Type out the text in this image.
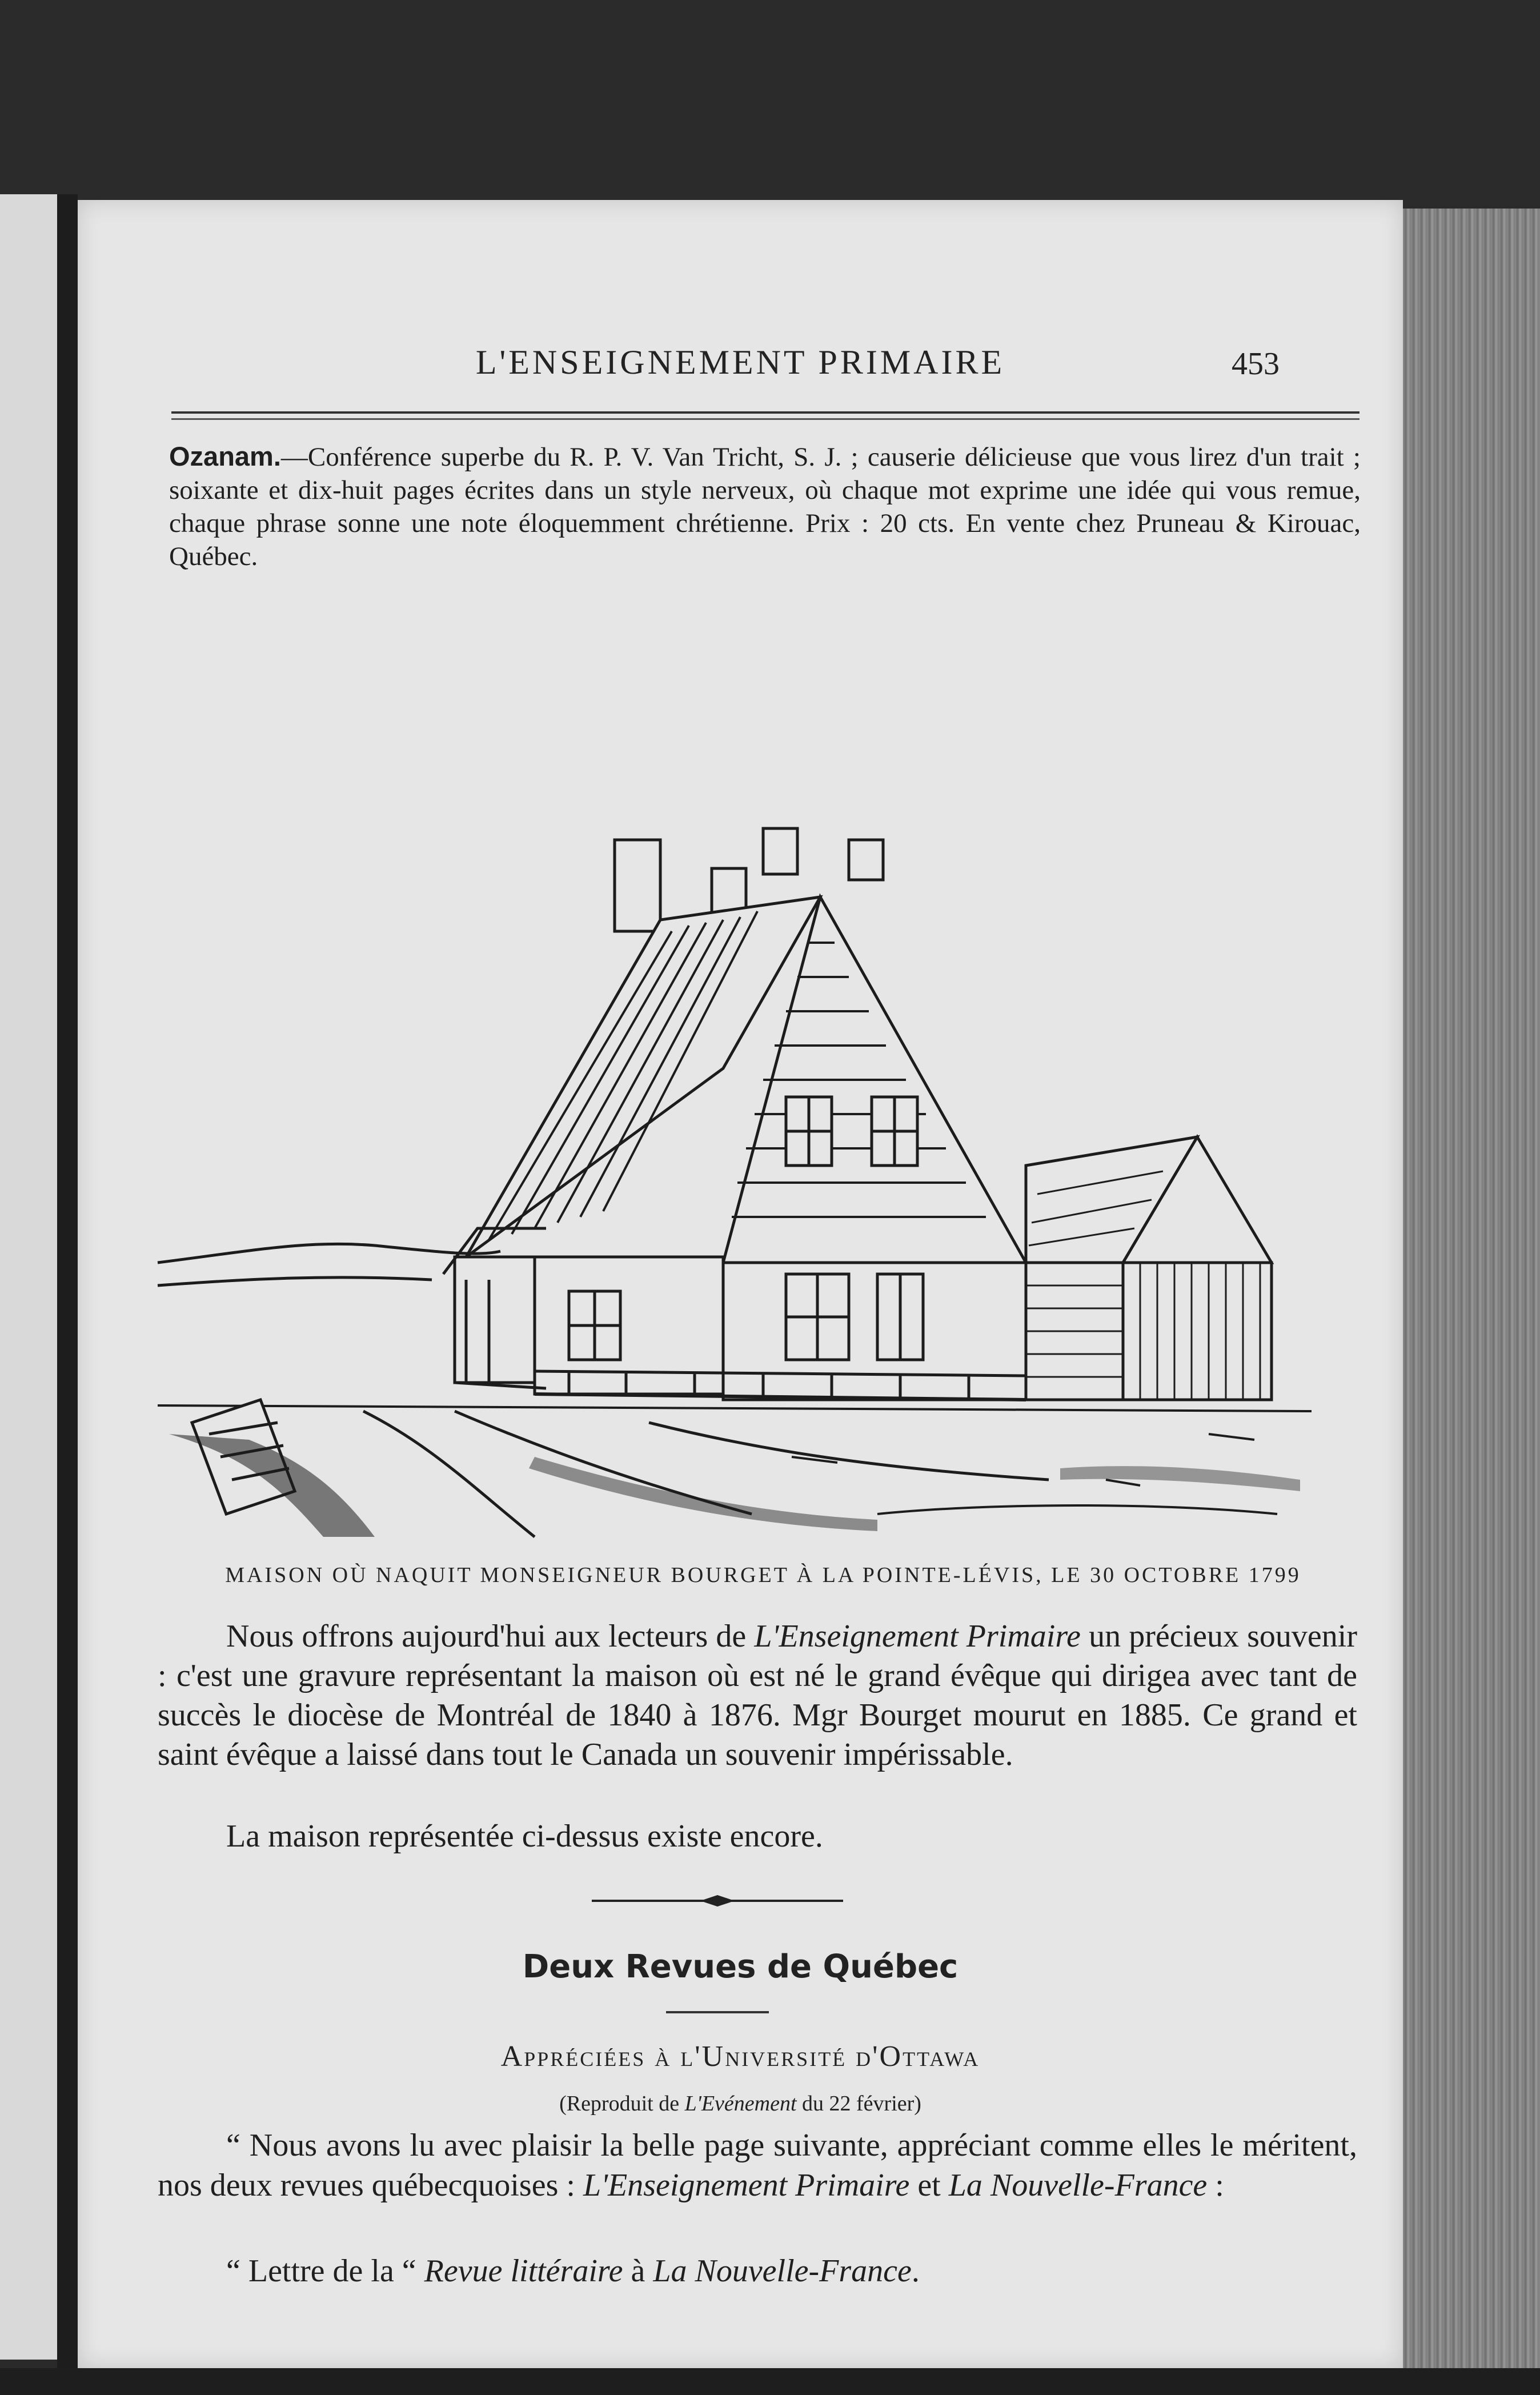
L'ENSEIGNEMENT PRIMAIRE	453
Ozanam.—Conférence superbe du R. P. V. Van Tricht, S. J. ; causerie délicieuse que vous lirez d'un trait ; soixante et dix-huit pages écrites dans un style nerveux, où chaque mot exprime une idée qui vous remue, chaque phrase sonne une note éloquemment chrétienne. Prix : 20 cts. En vente chez Pruneau & Kirouac, Québec.
MAISON OÙ NAQUIT MONSEIGNEUR BOURGET À LA POINTE-LÉVIS, LE 30 OCTOBRE 1799
Nous offrons aujourd'hui aux lecteurs de L'Enseignement Primaire un précieux souvenir : c'est une gravure représentant la maison où est né le grand évêque qui dirigea avec tant de succès le diocèse de Montréal de 1840 à 1876. Mgr Bourget mourut en 1885. Ce grand et saint évêque a laissé dans tout le Canada un souvenir impérissable.
La maison représentée ci-dessus existe encore.
Deux Revues de Québec
Appréciées à l'Université d'Ottawa
(Reproduit de L'Evénement du 22 février)
“ Nous avons lu avec plaisir la belle page suivante, appréciant comme elles le méritent, nos deux revues québecquoises : L'Enseignement Primaire et La Nouvelle-France :
“ Lettre de la “ Revue littéraire à La Nouvelle-France.
